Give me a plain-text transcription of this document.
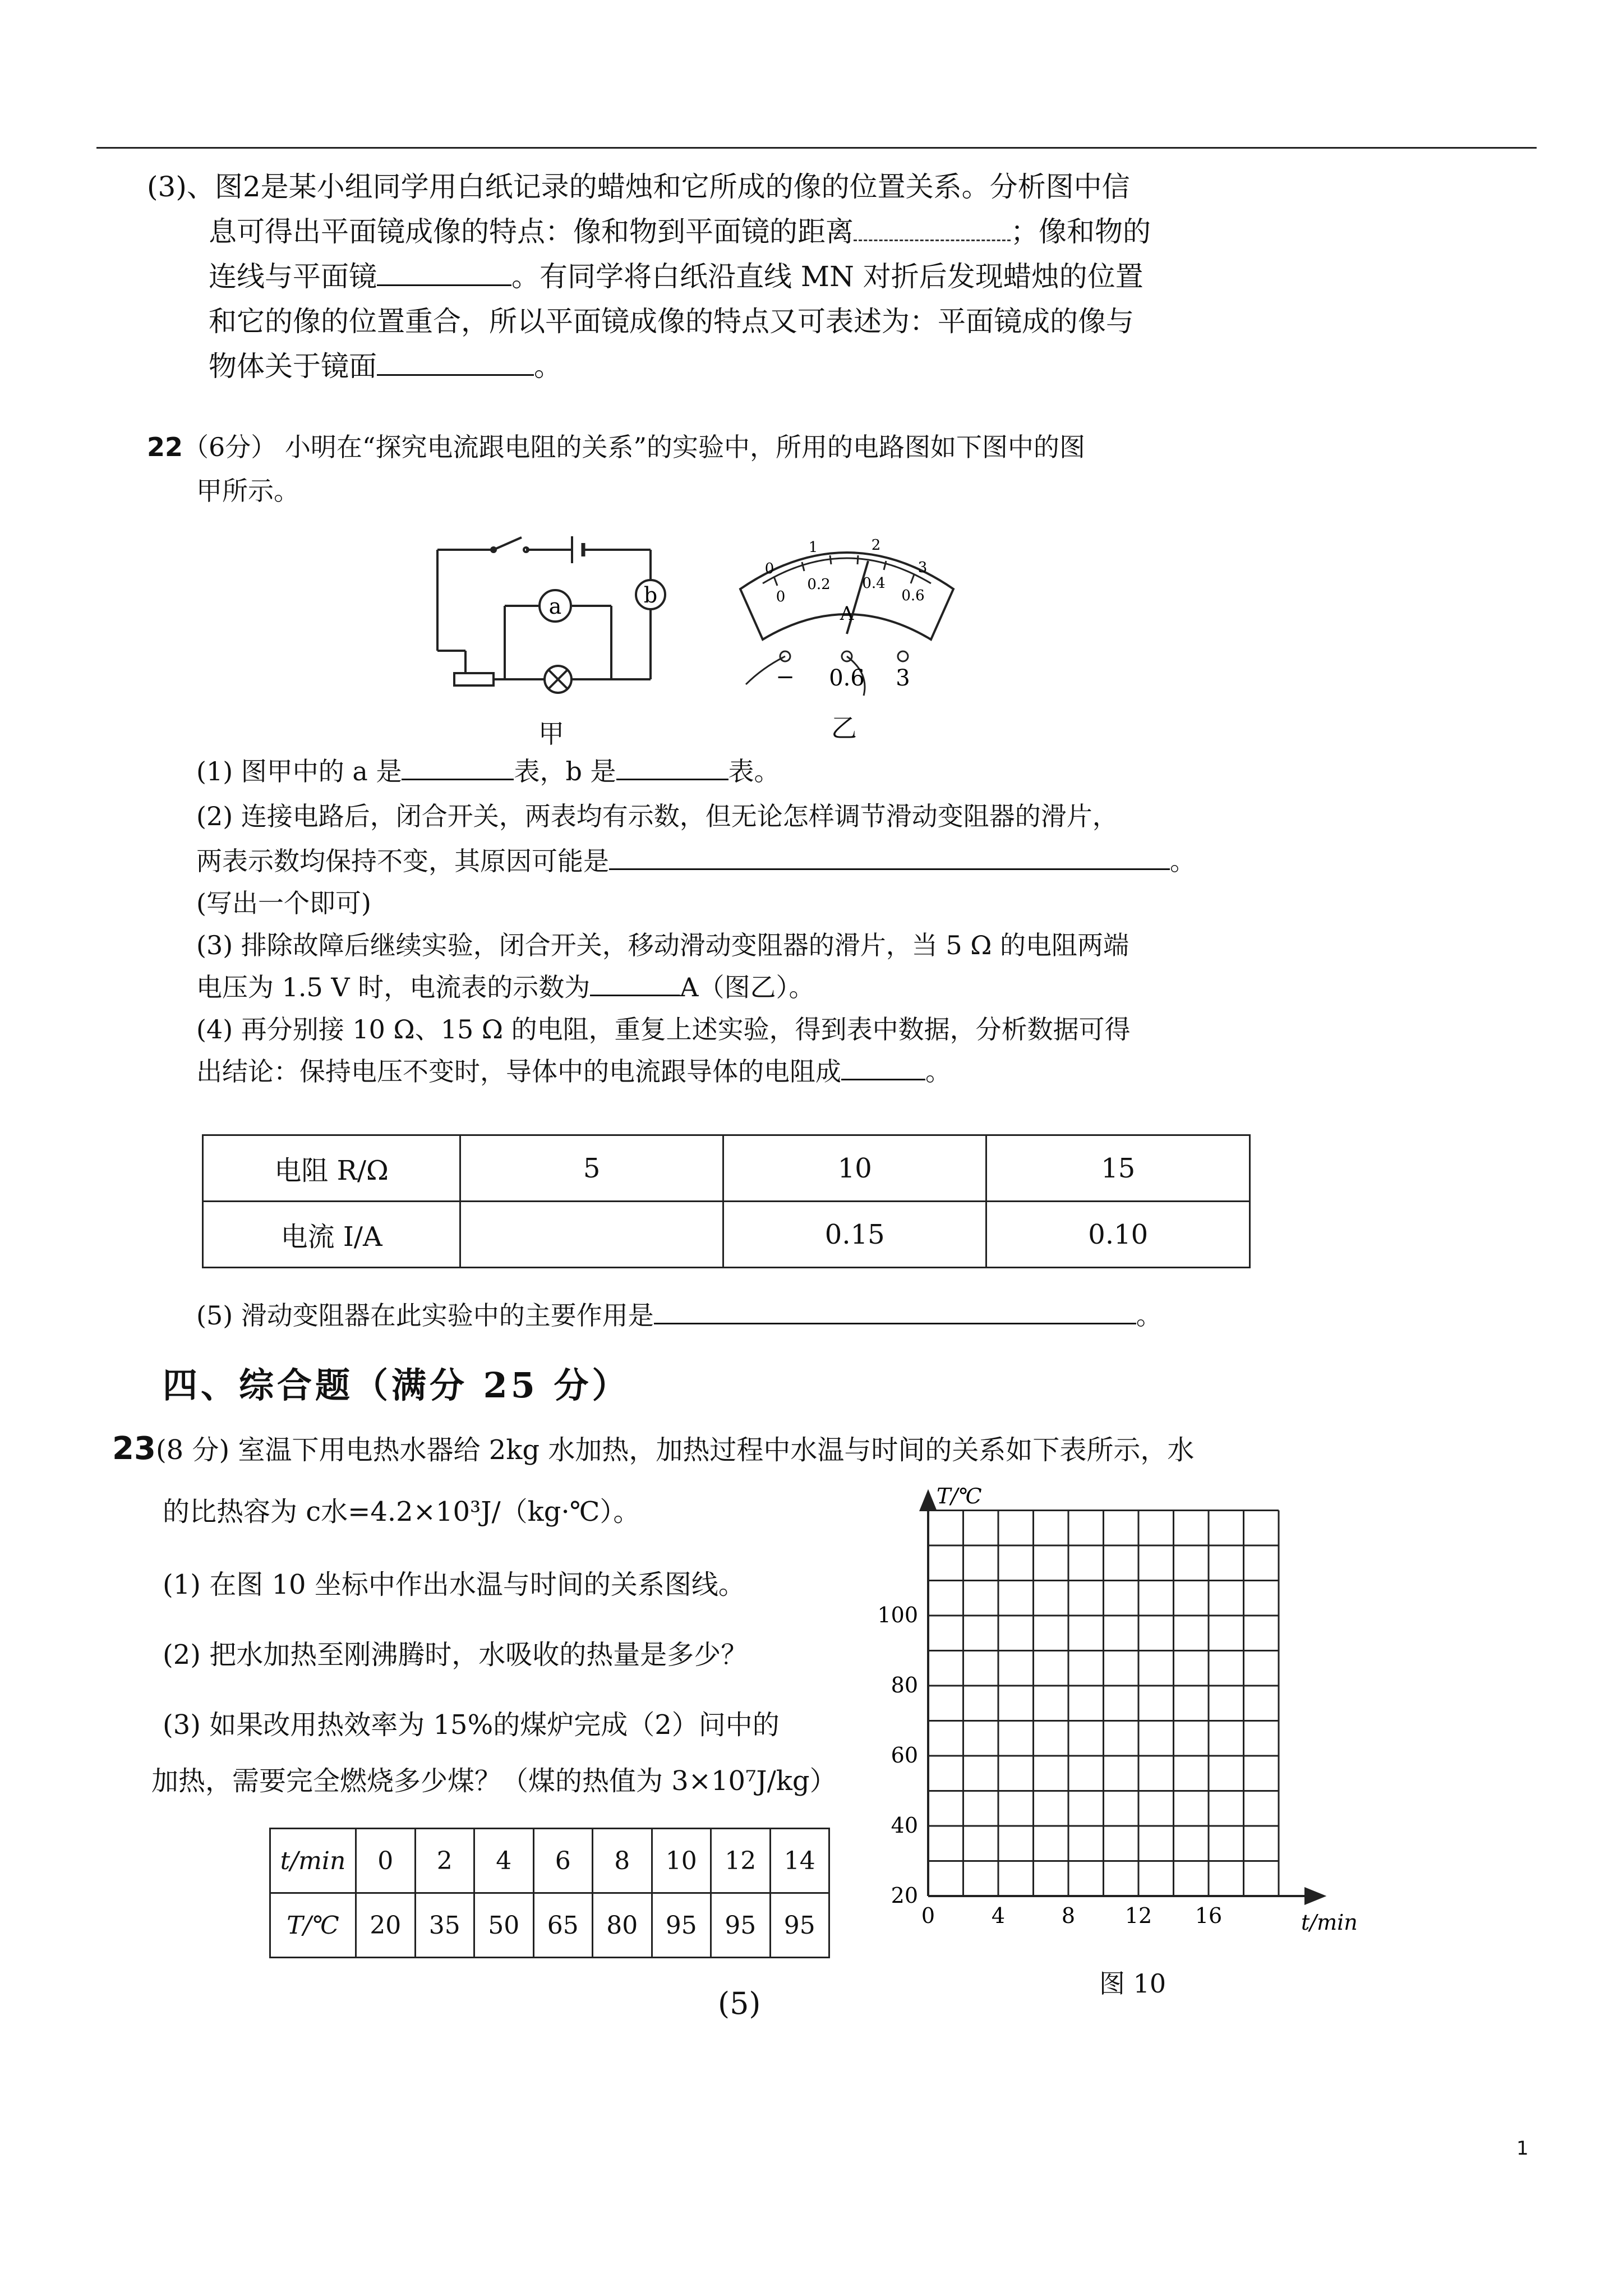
(3)、图2是某小组同学用白纸记录的蜡烛和它所成的像的位置关系。分析图中信
息可得出平面镜成像的特点：像和物到平面镜的距离	；像和物的
连线与平面镜	。有同学将白纸沿直线 MN 对折后发现蜡烛的位置
和它的像的位置重合，所以平面镜成像的特点又可表述为：平面镜成的像与
物体关于镜面	。
22（6分） 小明在“探究电流跟电阻的关系”的实验中，所用的电路图如下图中的图
甲所示。
a	b
甲
0
1	2
3
0
0.2 0.4
0.6
A
− 0.6 3
乙
(1) 图甲中的 a 是	表，b 是	表。
(2) 连接电路后，闭合开关，两表均有示数，但无论怎样调节滑动变阻器的滑片，
两表示数均保持不变，其原因可能是	。
(写出一个即可)
(3) 排除故障后继续实验，闭合开关，移动滑动变阻器的滑片，当 5 Ω 的电阻两端
电压为 1.5 V 时，电流表的示数为	A（图乙）。
(4) 再分别接 10 Ω、15 Ω 的电阻，重复上述实验，得到表中数据，分析数据可得
出结论：保持电压不变时，导体中的电流跟导体的电阻成	。
电阻 R/Ω	5	10	15
电流 I/A		0.15	0.10
(5) 滑动变阻器在此实验中的主要作用是	。
四、综合题（满分 25 分）
23(8 分) 室温下用电热水器给 2kg 水加热，加热过程中水温与时间的关系如下表所示，水
的比热容为 c水=4.2×10³J/（kg·℃）。
(1) 在图 10 坐标中作出水温与时间的关系图线。
(2) 把水加热至刚沸腾时，水吸收的热量是多少？
(3) 如果改用热效率为 15%的煤炉完成（2）问中的
加热，需要完全燃烧多少煤？（煤的热值为 3×10⁷J/kg）
t/min	0	2	4	6	8	10	12	14
T/℃	20	35	50	65	80	95	95	95
T/℃
t/min
20
40
60
80
100
0	4	8 12 16
图 10
(5)
1
